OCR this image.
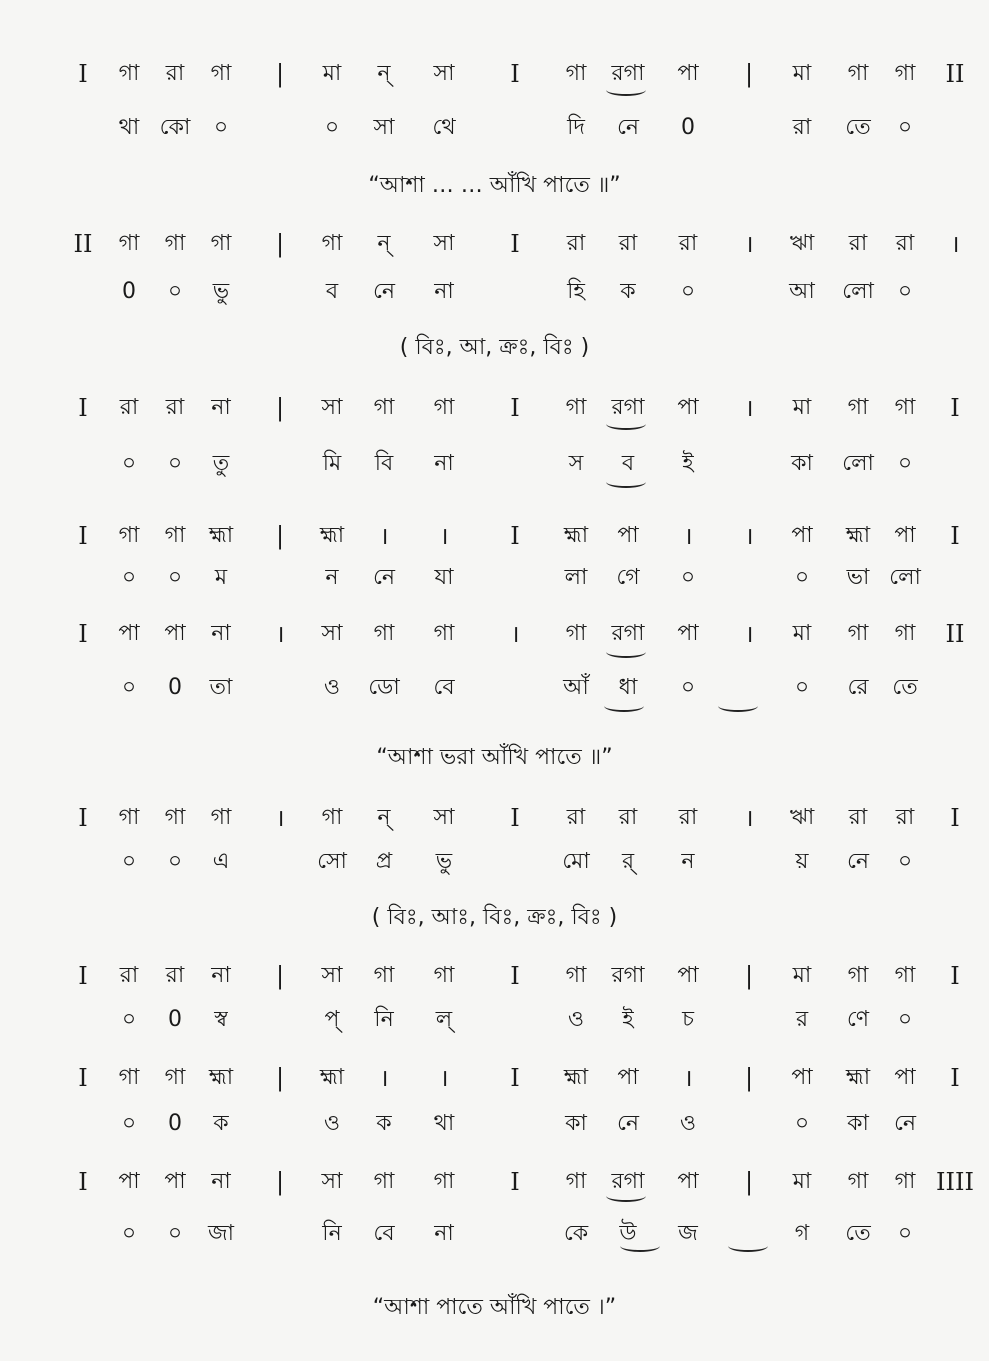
I গা রা গা | মা ন্ সা I গা রগা পা | মা গা গা II
থা কো ০	০ সা থে	দি নে 0	রা তে ০
“আশা … … আঁখি পাতে ॥”
II গা গা গা | গা ন্ সা I রা রা রা । ঋা রা রা ।
0 ০ ভু	ব নে না	হি ক ০	আ লো ০
( বিঃ, আ, ক্রঃ, বিঃ )
I রা রা না | সা গা গা I গা রগা পা । মা গা গা I
০ ০ তু	মি বি না	স ব ই	কা লো ০
I গা গা হ্মা | হ্মা । ।	I হ্মা পা । । পা হ্মা পা I
০ ০ ম	ন নে যা	লা গে ০	০ ভা লো
I পা পা না । সা গা গা । গা রগা পা । মা গা গা II
০ 0 তা	ও ডো বে	আঁ ধা ০	০ রে তে
“আশা ভরা আঁখি পাতে ॥”
I গা গা গা । গা ন্ সা I রা রা রা । ঋা রা রা I
০ ০ এ	সো প্র ভু	মো র্ ন	য় নে ০
( বিঃ, আঃ, বিঃ, ক্রঃ, বিঃ )
I রা রা না | সা গা গা I গা রগা পা | মা গা গা I
০ 0 স্ব	প্ নি ল্	ও ই চ	র ণে ০
I গা গা হ্মা | হ্মা । ।	I হ্মা পা । | পা হ্মা পা I
০ 0 ক	ও ক থা	কা নে ও	০ কা নে
I পা পা না | সা গা গা I গা রগা পা | মা গা গা IIII
০ ০ জা	নি বে না	কে উ জ	গ তে ০
“আশা পাতে আঁখি পাতে ।”
